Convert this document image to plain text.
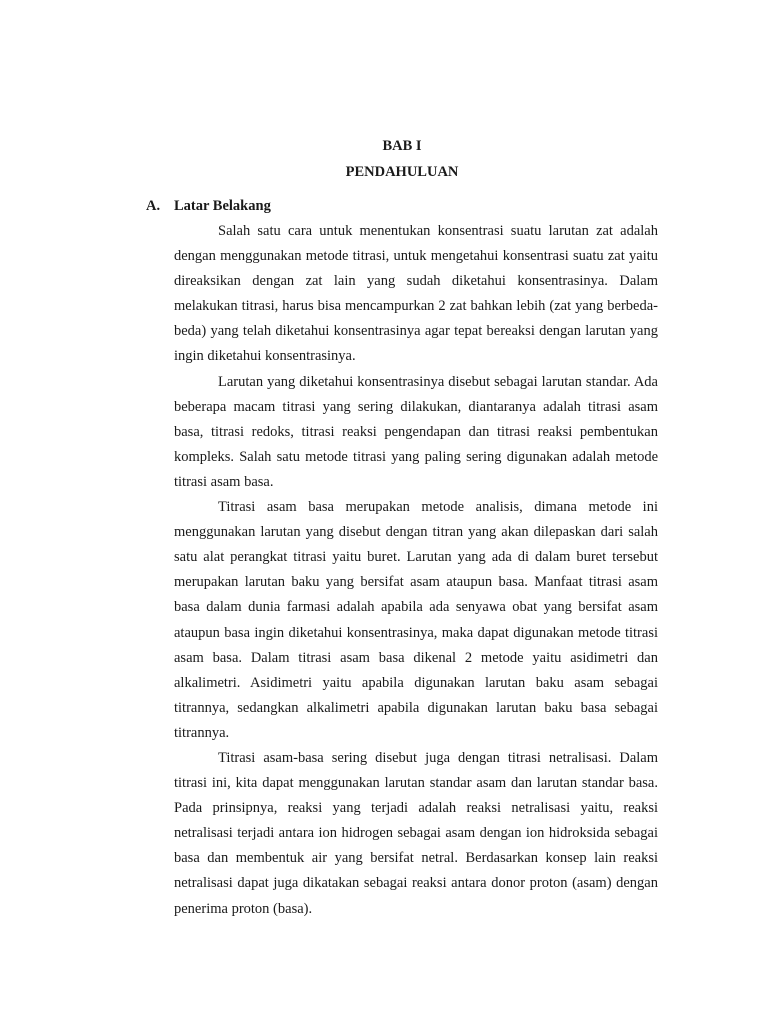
BAB I
PENDAHULUAN
A. Latar Belakang

Salah satu cara untuk menentukan konsentrasi suatu larutan zat adalah dengan menggunakan metode titrasi, untuk mengetahui konsentrasi suatu zat yaitu direaksikan dengan zat lain yang sudah diketahui konsentrasinya. Dalam melakukan titrasi, harus bisa mencampurkan 2 zat bahkan lebih (zat yang berbeda-beda) yang telah diketahui konsentrasinya agar tepat bereaksi dengan larutan yang ingin diketahui konsentrasinya.

Larutan yang diketahui konsentrasinya disebut sebagai larutan standar. Ada beberapa macam titrasi yang sering dilakukan, diantaranya adalah titrasi asam basa, titrasi redoks, titrasi reaksi pengendapan dan titrasi reaksi pembentukan kompleks. Salah satu metode titrasi yang paling sering digunakan adalah metode titrasi asam basa.

Titrasi asam basa merupakan metode analisis, dimana metode ini menggunakan larutan yang disebut dengan titran yang akan dilepaskan dari salah satu alat perangkat titrasi yaitu buret. Larutan yang ada di dalam buret tersebut merupakan larutan baku yang bersifat asam ataupun basa. Manfaat titrasi asam basa dalam dunia farmasi adalah apabila ada senyawa obat yang bersifat asam ataupun basa ingin diketahui konsentrasinya, maka dapat digunakan metode titrasi asam basa. Dalam titrasi asam basa dikenal 2 metode yaitu asidimetri dan alkalimetri. Asidimetri yaitu apabila digunakan larutan baku asam sebagai titrannya, sedangkan alkalimetri apabila digunakan larutan baku basa sebagai titrannya.

Titrasi asam-basa sering disebut juga dengan titrasi netralisasi. Dalam titrasi ini, kita dapat menggunakan larutan standar asam dan larutan standar basa. Pada prinsipnya, reaksi yang terjadi adalah reaksi netralisasi yaitu, reaksi netralisasi terjadi antara ion hidrogen sebagai asam dengan ion hidroksida sebagai basa dan membentuk air yang bersifat netral. Berdasarkan konsep lain reaksi netralisasi dapat juga dikatakan sebagai reaksi antara donor proton (asam) dengan penerima proton (basa).
